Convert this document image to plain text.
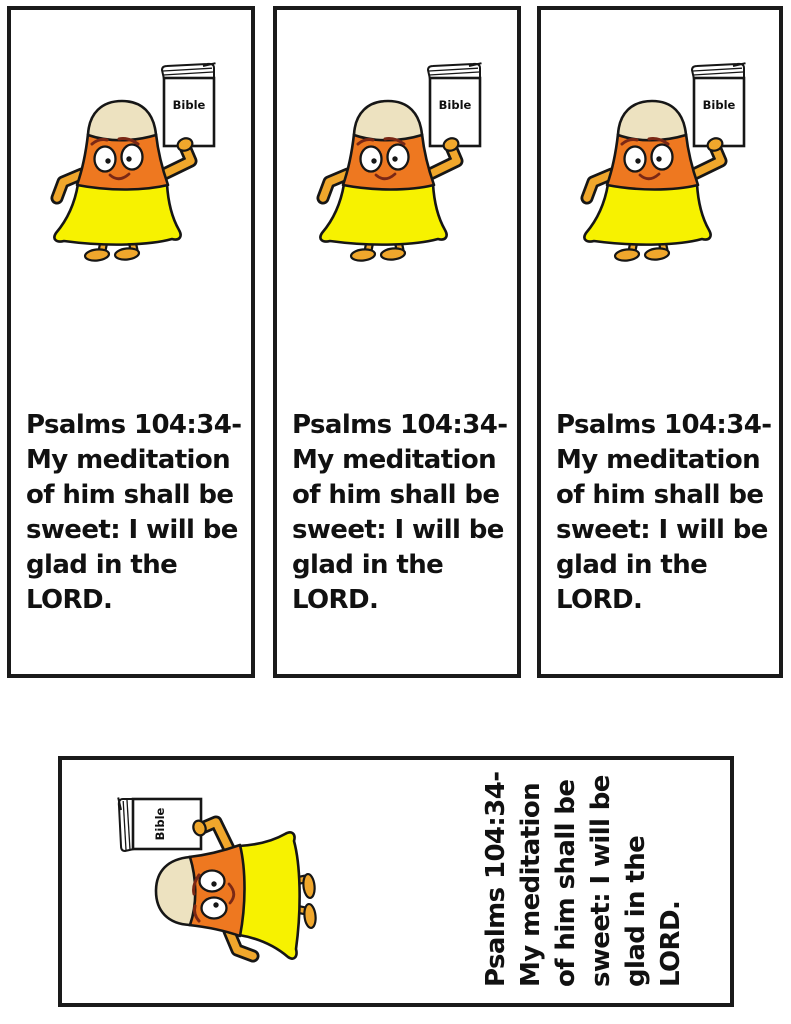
Psalms 104:34-
My meditation
of him shall be
sweet: I will be
glad in the
LORD.
Psalms 104:34-
My meditation
of him shall be
sweet: I will be
glad in the
LORD.
Psalms 104:34-
My meditation
of him shall be
sweet: I will be
glad in the
LORD.
Psalms 104:34- My meditation of him shall be sweet: I will be glad in the LORD.
